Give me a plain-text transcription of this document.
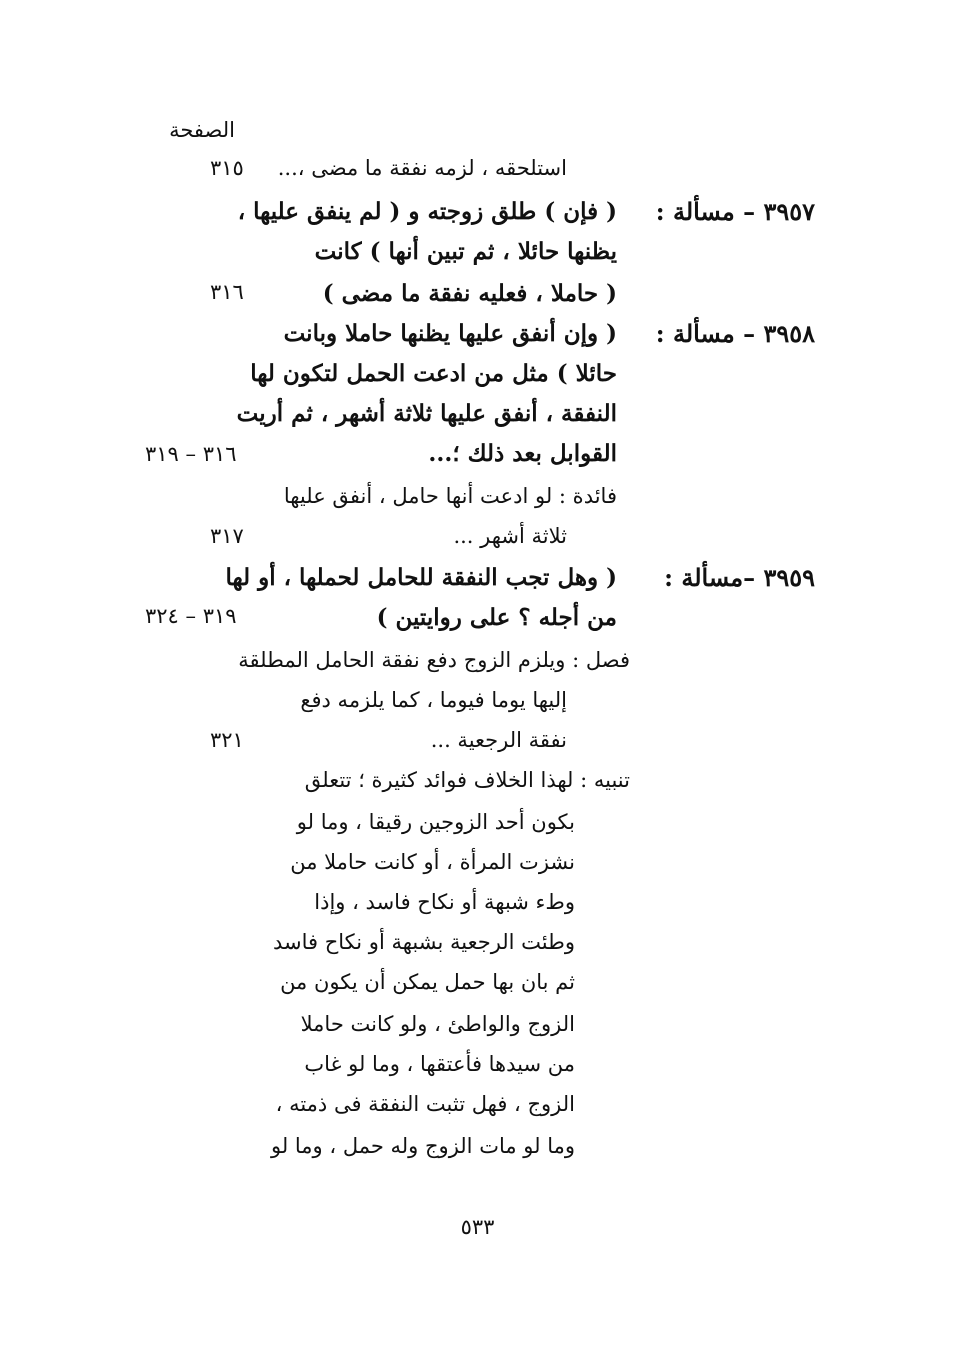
الصفحة
استلحقه ، لزمه نفقة ما مضى ،...
٣١٥
٣٩٥٧ – مسألة :
( فإن ) طلق زوجته و ( لم ينفق عليها ،
يظنها حائلا ، ثم تبين أنها ) كانت
( حاملا ، فعليه نفقة ما مضى )
٣١٦
٣٩٥٨ – مسألة :
( وإن أنفق عليها يظنها حاملا وبانت
حائلا ) مثل من ادعت الحمل لتكون لها
النفقة ، أنفق عليها ثلاثة أشهر ، ثم أريت
القوابل بعد ذلك ؛...
٣١٦ – ٣١٩
فائدة : لو ادعت أنها حامل ، أنفق عليها
ثلاثة أشهر ...
٣١٧
٣٩٥٩ –مسألة :
( وهل تجب النفقة للحامل لحملها ، أو لها
من أجله ؟ على روايتين )
٣١٩ – ٣٢٤
فصل : ويلزم الزوج دفع نفقة الحامل المطلقة
إليها يوما فيوما ، كما يلزمه دفع
نفقة الرجعية ...
٣٢١
تنبيه : لهذا الخلاف فوائد كثيرة ؛ تتعلق
بكون أحد الزوجين رقيقا ، وما لو
نشزت المرأة ، أو كانت حاملا من
وطء شبهة أو نكاح فاسد ، وإذا
وطئت الرجعية بشبهة أو نكاح فاسد
ثم بان بها حمل يمكن أن يكون من
الزوج والواطئ ، ولو كانت حاملا
من سيدها فأعتقها ، وما لو غاب
الزوج ، فهل تثبت النفقة فى ذمته ،
وما لو مات الزوج وله حمل ، وما لو
٥٣٣
